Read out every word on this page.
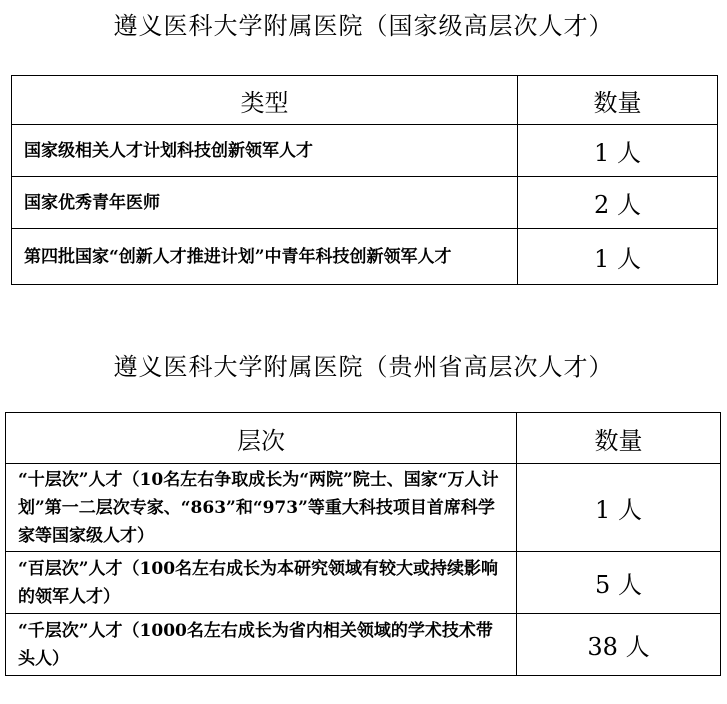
遵义医科大学附属医院（国家级高层次人才）
类型	数量
国家级相关人才计划科技创新领军人才	1 人
国家优秀青年医师	2 人
第四批国家“创新人才推进计划”中青年科技创新领军人才	1 人
遵义医科大学附属医院（贵州省高层次人才）
层次	数量
“十层次”人才（10名左右争取成长为“两院”院士、国家“万人计划”第一二层次专家、“863”和“973”等重大科技项目首席科学家等国家级人才）	1 人
“百层次”人才（100名左右成长为本研究领域有较大或持续影响的领军人才）	5 人
“千层次”人才（1000名左右成长为省内相关领域的学术技术带头人）	38 人
